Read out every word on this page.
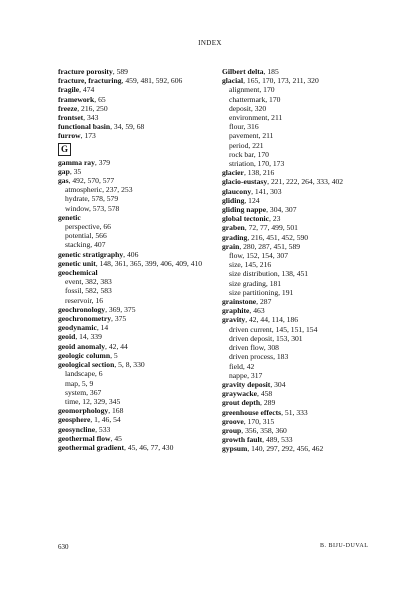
INDEX

fracture porosity, 589

fracture, fracturing, 459, 481, 592, 606

fragile, 474

framework, 65

freeze, 216, 250

frontset, 343

functional basin, 34, 59, 68

furrow, 173

G

gamma ray, 379

gap, 35

gas, 492, 570, 577

atmospheric, 237, 253

hydrate, 578, 579

window, 573, 578

genetic

perspective, 66

potential, 566

stacking, 407

genetic stratigraphy, 406

genetic unit, 148, 361, 365, 399, 406, 409, 410

geochemical

event, 382, 383

fossil, 582, 583

reservoir, 16

geochronology, 369, 375

geochronometry, 375

geodynamic, 14

geoid, 14, 339

geoid anomaly, 42, 44

geologic column, 5

geological section, 5, 8, 330

landscape, 6

map, 5, 9

system, 367

time, 12, 329, 345

geomorphology, 168

geosphere, 1, 46, 54

geosyncline, 533

geothermal flow, 45

geothermal gradient, 45, 46, 77, 430

Gilbert delta, 185

glacial, 165, 170, 173, 211, 320

alignment, 170

chattermark, 170

deposit, 320

environment, 211

flour, 316

pavement, 211

period, 221

rock bar, 170

striation, 170, 173

glacier, 138, 216

glacio-eustasy, 221, 222, 264, 333, 402

glaucony, 141, 303

gliding, 124

gliding nappe, 304, 307

global tectonic, 23

graben, 72, 77, 499, 501

grading, 216, 451, 452, 590

grain, 280, 287, 451, 589

flow, 152, 154, 307

size, 145, 216

size distribution, 138, 451

size grading, 181

size partitioning, 191

grainstone, 287

graphite, 463

gravity, 42, 44, 114, 186

driven current, 145, 151, 154

driven deposit, 153, 301

driven flow, 308

driven process, 183

field, 42

nappe, 317

gravity deposit, 304

graywacke, 458

grout depth, 289

greenhouse effects, 51, 333

groove, 170, 315

group, 356, 358, 360

growth fault, 489, 533

gypsum, 140, 297, 292, 456, 462

630	B. BIJU-DUVAL
